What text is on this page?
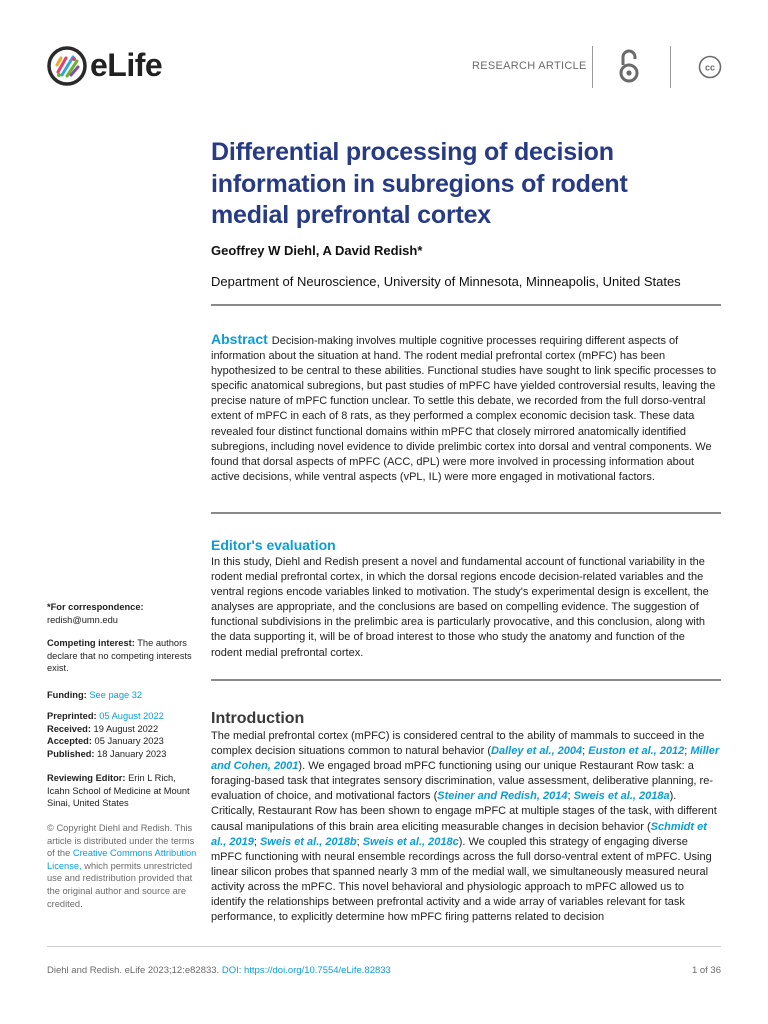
eLife	RESEARCH ARTICLE	cc
Differential processing of decision information in subregions of rodent medial prefrontal cortex
Geoffrey W Diehl, A David Redish*
Department of Neuroscience, University of Minnesota, Minneapolis, United States
Abstract Decision-making involves multiple cognitive processes requiring different aspects of information about the situation at hand. The rodent medial prefrontal cortex (mPFC) has been hypothesized to be central to these abilities. Functional studies have sought to link specific processes to specific anatomical subregions, but past studies of mPFC have yielded controversial results, leaving the precise nature of mPFC function unclear. To settle this debate, we recorded from the full dorso-ventral extent of mPFC in each of 8 rats, as they performed a complex economic decision task. These data revealed four distinct functional domains within mPFC that closely mirrored anatomically identified subregions, including novel evidence to divide prelimbic cortex into dorsal and ventral components. We found that dorsal aspects of mPFC (ACC, dPL) were more involved in processing information about active decisions, while ventral aspects (vPL, IL) were more engaged in motivational factors.
Editor's evaluation
In this study, Diehl and Redish present a novel and fundamental account of functional variability in the rodent medial prefrontal cortex, in which the dorsal regions encode decision-related variables and the ventral regions encode variables linked to motivation. The study's experimental design is excellent, the analyses are appropriate, and the conclusions are based on compelling evidence. The suggestion of functional subdivisions in the prelimbic area is particularly provocative, and this conclusion, along with the data supporting it, will be of broad interest to those who study the anatomy and function of the rodent medial prefrontal cortex.
*For correspondence:
redish@umn.edu
Competing interest: The authors declare that no competing interests exist.
Funding: See page 32
Preprinted: 05 August 2022
Received: 19 August 2022
Accepted: 05 January 2023
Published: 18 January 2023
Reviewing Editor: Erin L Rich, Icahn School of Medicine at Mount Sinai, United States
© Copyright Diehl and Redish. This article is distributed under the terms of the Creative Commons Attribution License, which permits unrestricted use and redistribution provided that the original author and source are credited.
Introduction
The medial prefrontal cortex (mPFC) is considered central to the ability of mammals to succeed in the complex decision situations common to natural behavior (Dalley et al., 2004; Euston et al., 2012; Miller and Cohen, 2001). We engaged broad mPFC functioning using our unique Restaurant Row task: a foraging-based task that integrates sensory discrimination, value assessment, deliberative planning, re-evaluation of choice, and motivational factors (Steiner and Redish, 2014; Sweis et al., 2018a). Critically, Restaurant Row has been shown to engage mPFC at multiple stages of the task, with different causal manipulations of this brain area eliciting measurable changes in decision behavior (Schmidt et al., 2019; Sweis et al., 2018b; Sweis et al., 2018c). We coupled this strategy of engaging diverse mPFC functioning with neural ensemble recordings across the full dorso-ventral extent of mPFC. Using linear silicon probes that spanned nearly 3 mm of the medial wall, we simultaneously measured neural activity across the mPFC. This novel behavioral and physiologic approach to mPFC allowed us to identify the relationships between prefrontal activity and a wide array of variables relevant for task performance, to explicitly determine how mPFC firing patterns related to decision
Diehl and Redish. eLife 2023;12:e82833. DOI: https://doi.org/10.7554/eLife.82833	1 of 36
